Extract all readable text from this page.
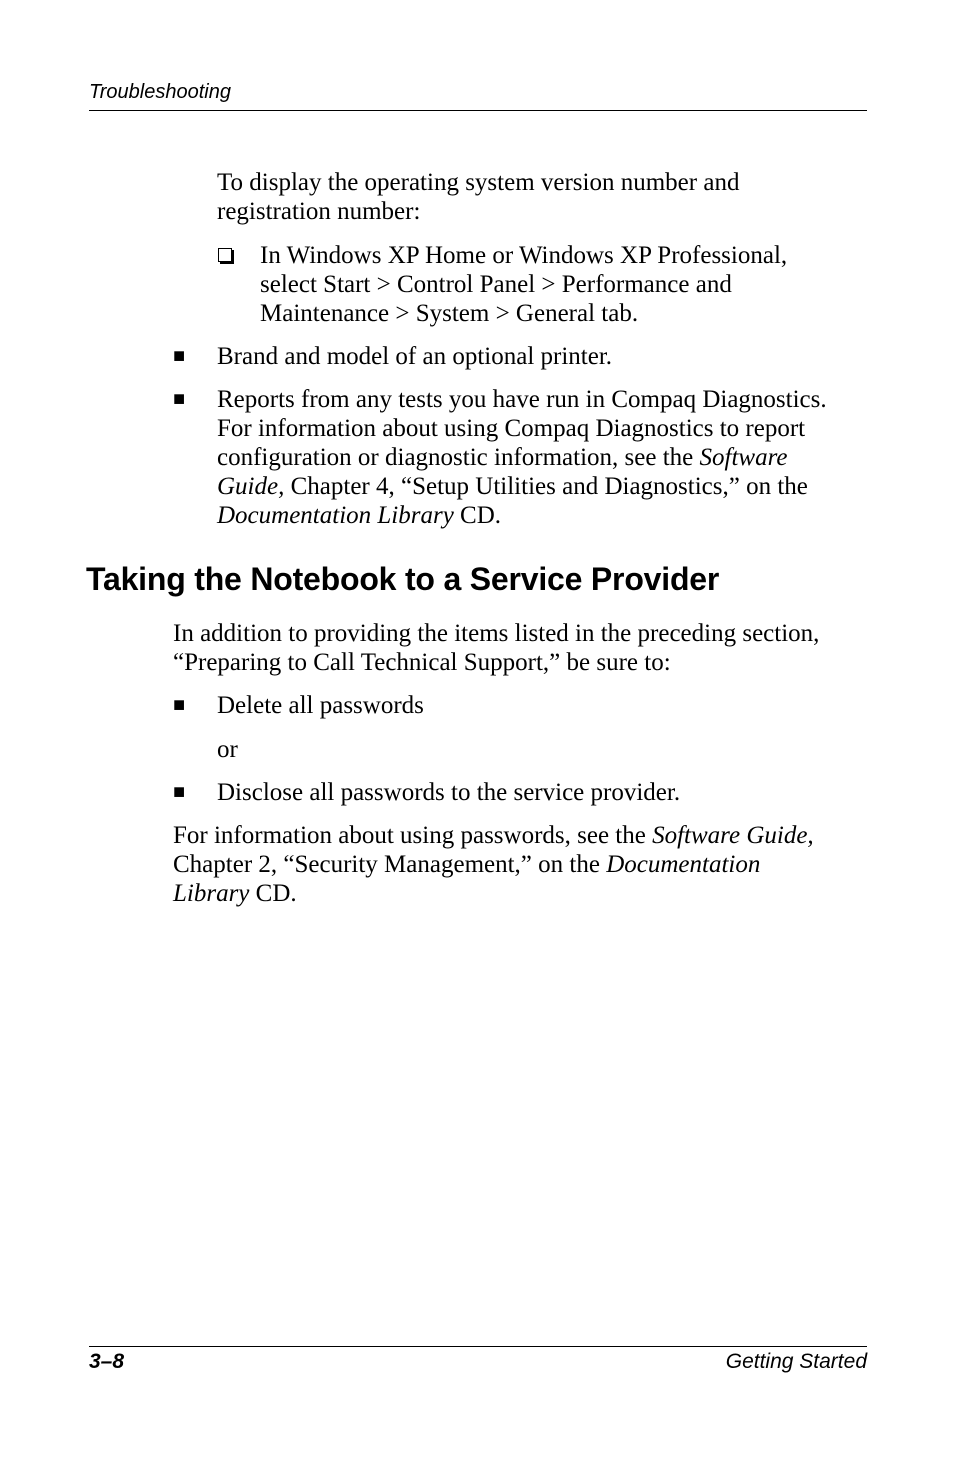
Troubleshooting

To display the operating system version number and

registration number:

In Windows XP Home or Windows XP Professional,

select Start > Control Panel > Performance and

Maintenance > System > General tab.

■ Brand and model of an optional printer.

■ Reports from any tests you have run in Compaq Diagnostics.

For information about using Compaq Diagnostics to report

configuration or diagnostic information, see the Software

Guide, Chapter 4, “Setup Utilities and Diagnostics,” on the

Documentation Library CD.

Taking the Notebook to a Service Provider

In addition to providing the items listed in the preceding section,

“Preparing to Call Technical Support,” be sure to:

■ Delete all passwords

or

■ Disclose all passwords to the service provider.

For information about using passwords, see the Software Guide,

Chapter 2, “Security Management,” on the Documentation

Library CD.

3–8	Getting Started
